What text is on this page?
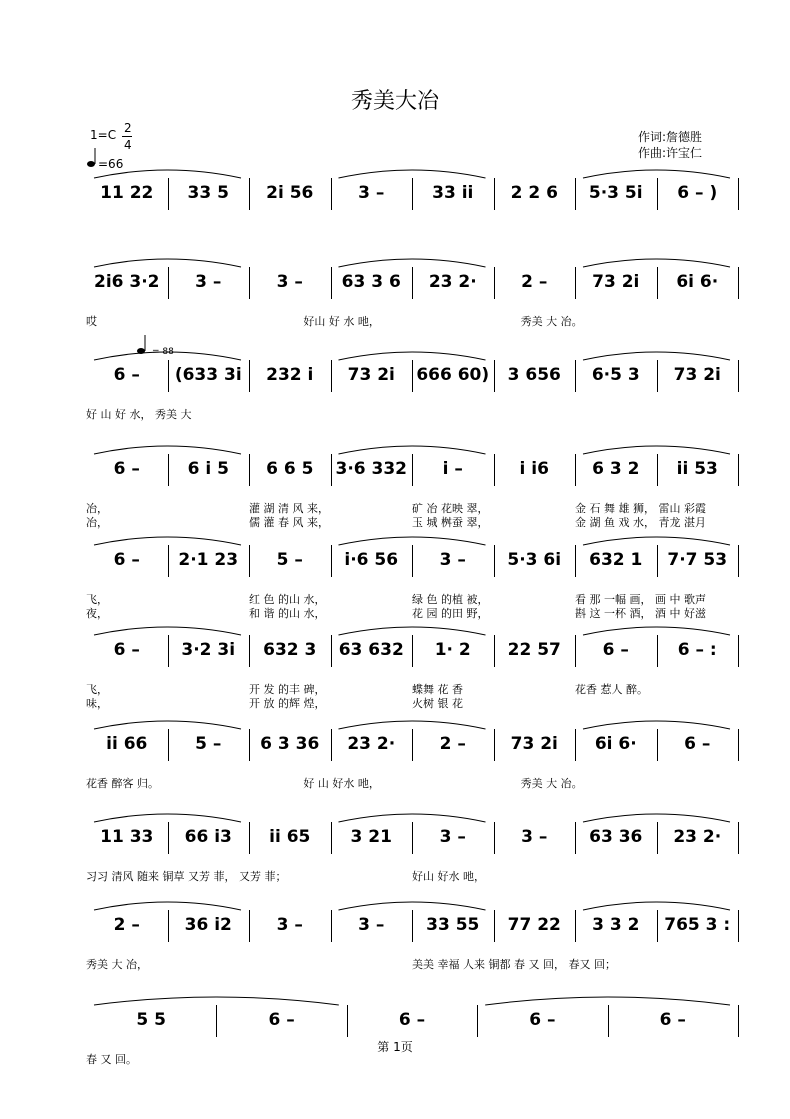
秀美大冶
1=C 2
4
=66
作词:詹德胜
作曲:许宝仁
= 88
11 22	33 5	2i 56	3 –	33 ii	2 2 6	5·3 5i	6 – )
2i6 3·2	3 –	3 –	63 3 6	23 2·	2 –	73 2i	6i 6·
哎	好山 好 水 吔，	秀美 大 冶。
6 –	(633 3i	232 i	73 2i	666 60)	3 656	6·5 3	73 2i
好 山 好 水， 秀美 大
6 –	6 i 5	6 6 5	3·6 332	i –	i i6	6 3 2	ii 53
冶，	灌 湖 清 风 来，	矿 冶 花映 翠，	金 石 舞 雄 狮， 雷山 彩霞
冶，	儒 灌 春 风 来，	玉 城 桝蚕 翠，	金 湖 鱼 戏 水， 青龙 湛月
6 –	2·1 23	5 –	i·6 56	3 –	5·3 6i	632 1	7·7 53
飞，	红 色 的山 水，	绿 色 的植 被，	看 那 一幅 画， 画 中 歌声
夜，	和 谐 的山 水，	花 园 的田 野，	斟 这 一杯 酒， 酒 中 好滋
6 –	3·2 3i	632 3	63 632	1· 2	22 57	6 –	6 – :
飞，	开 发 的丰 碑，	蝶舞 花 香	花香 惹人 醉。
味，	开 放 的辉 煌，	火树 银 花
ii 66	5 –	6 3 36	23 2·	2 –	73 2i	6i 6·	6 –
花香 醉客 归。	好 山 好水 吔，	秀美 大 冶。
11 33	66 i3	ii 65	3 21	3 –	3 –	63 36	23 2·
习习 清风 随来 铜草 又芳 菲， 又芳 菲；	好山 好水 吔，
2 –	36 i2	3 –	3 –	33 55	77 22	3 3 2	765 3 :
秀美 大 冶，	美美 幸福 人来 铜都 春 又 回， 春又 回；
5 5	6 –	6 –	6 –	6 –
春 又 回。
第 1页
